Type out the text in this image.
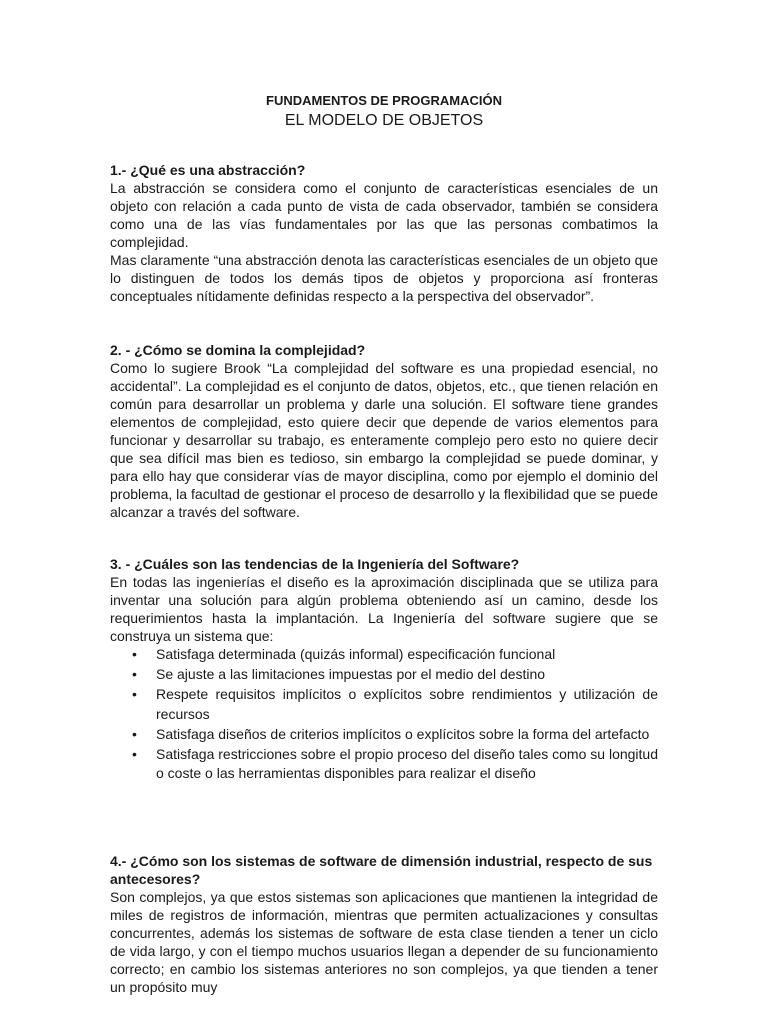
FUNDAMENTOS DE PROGRAMACIÓN
EL MODELO DE OBJETOS
1.- ¿Qué es una abstracción?
La abstracción se considera como el conjunto de características esenciales de un objeto con relación a cada punto de vista de cada observador, también se considera como una de las vías fundamentales por las que las personas combatimos la complejidad.
Mas claramente “una abstracción denota las características esenciales de un objeto que lo distinguen de todos los demás tipos de objetos y proporciona así fronteras conceptuales nítidamente definidas respecto a la perspectiva del observador”.
2. - ¿Cómo se domina la complejidad?
Como lo sugiere Brook “La complejidad del software es una propiedad esencial, no accidental”. La complejidad es el conjunto de datos, objetos, etc., que tienen relación en común para desarrollar un problema y darle una solución. El software tiene grandes elementos de complejidad, esto quiere decir que depende de varios elementos para funcionar y desarrollar su trabajo, es enteramente complejo pero esto no quiere decir que sea difícil mas bien es tedioso, sin embargo la complejidad se puede dominar, y para ello hay que considerar vías de mayor disciplina, como por ejemplo el dominio del problema, la facultad de gestionar el proceso de desarrollo y la flexibilidad que se puede alcanzar a través del software.
3. - ¿Cuáles son las tendencias de la Ingeniería del Software?
En todas las ingenierías el diseño es la aproximación disciplinada que se utiliza para inventar una solución para algún problema obteniendo así un camino, desde los requerimientos hasta la implantación. La Ingeniería del software sugiere que se construya un sistema que:
• Satisfaga determinada (quizás informal) especificación funcional
• Se ajuste a las limitaciones impuestas por el medio del destino
• Respete requisitos implícitos o explícitos sobre rendimientos y utilización de recursos
• Satisfaga diseños de criterios implícitos o explícitos sobre la forma del artefacto
• Satisfaga restricciones sobre el propio proceso del diseño tales como su longitud o coste o las herramientas disponibles para realizar el diseño
4.- ¿Cómo son los sistemas de software de dimensión industrial, respecto de sus antecesores?
Son complejos, ya que estos sistemas son aplicaciones que mantienen la integridad de miles de registros de información, mientras que permiten actualizaciones y consultas concurrentes, además los sistemas de software de esta clase tienden a tener un ciclo de vida largo, y con el tiempo muchos usuarios llegan a depender de su funcionamiento correcto; en cambio los sistemas anteriores no son complejos, ya que tienden a tener un propósito muy
